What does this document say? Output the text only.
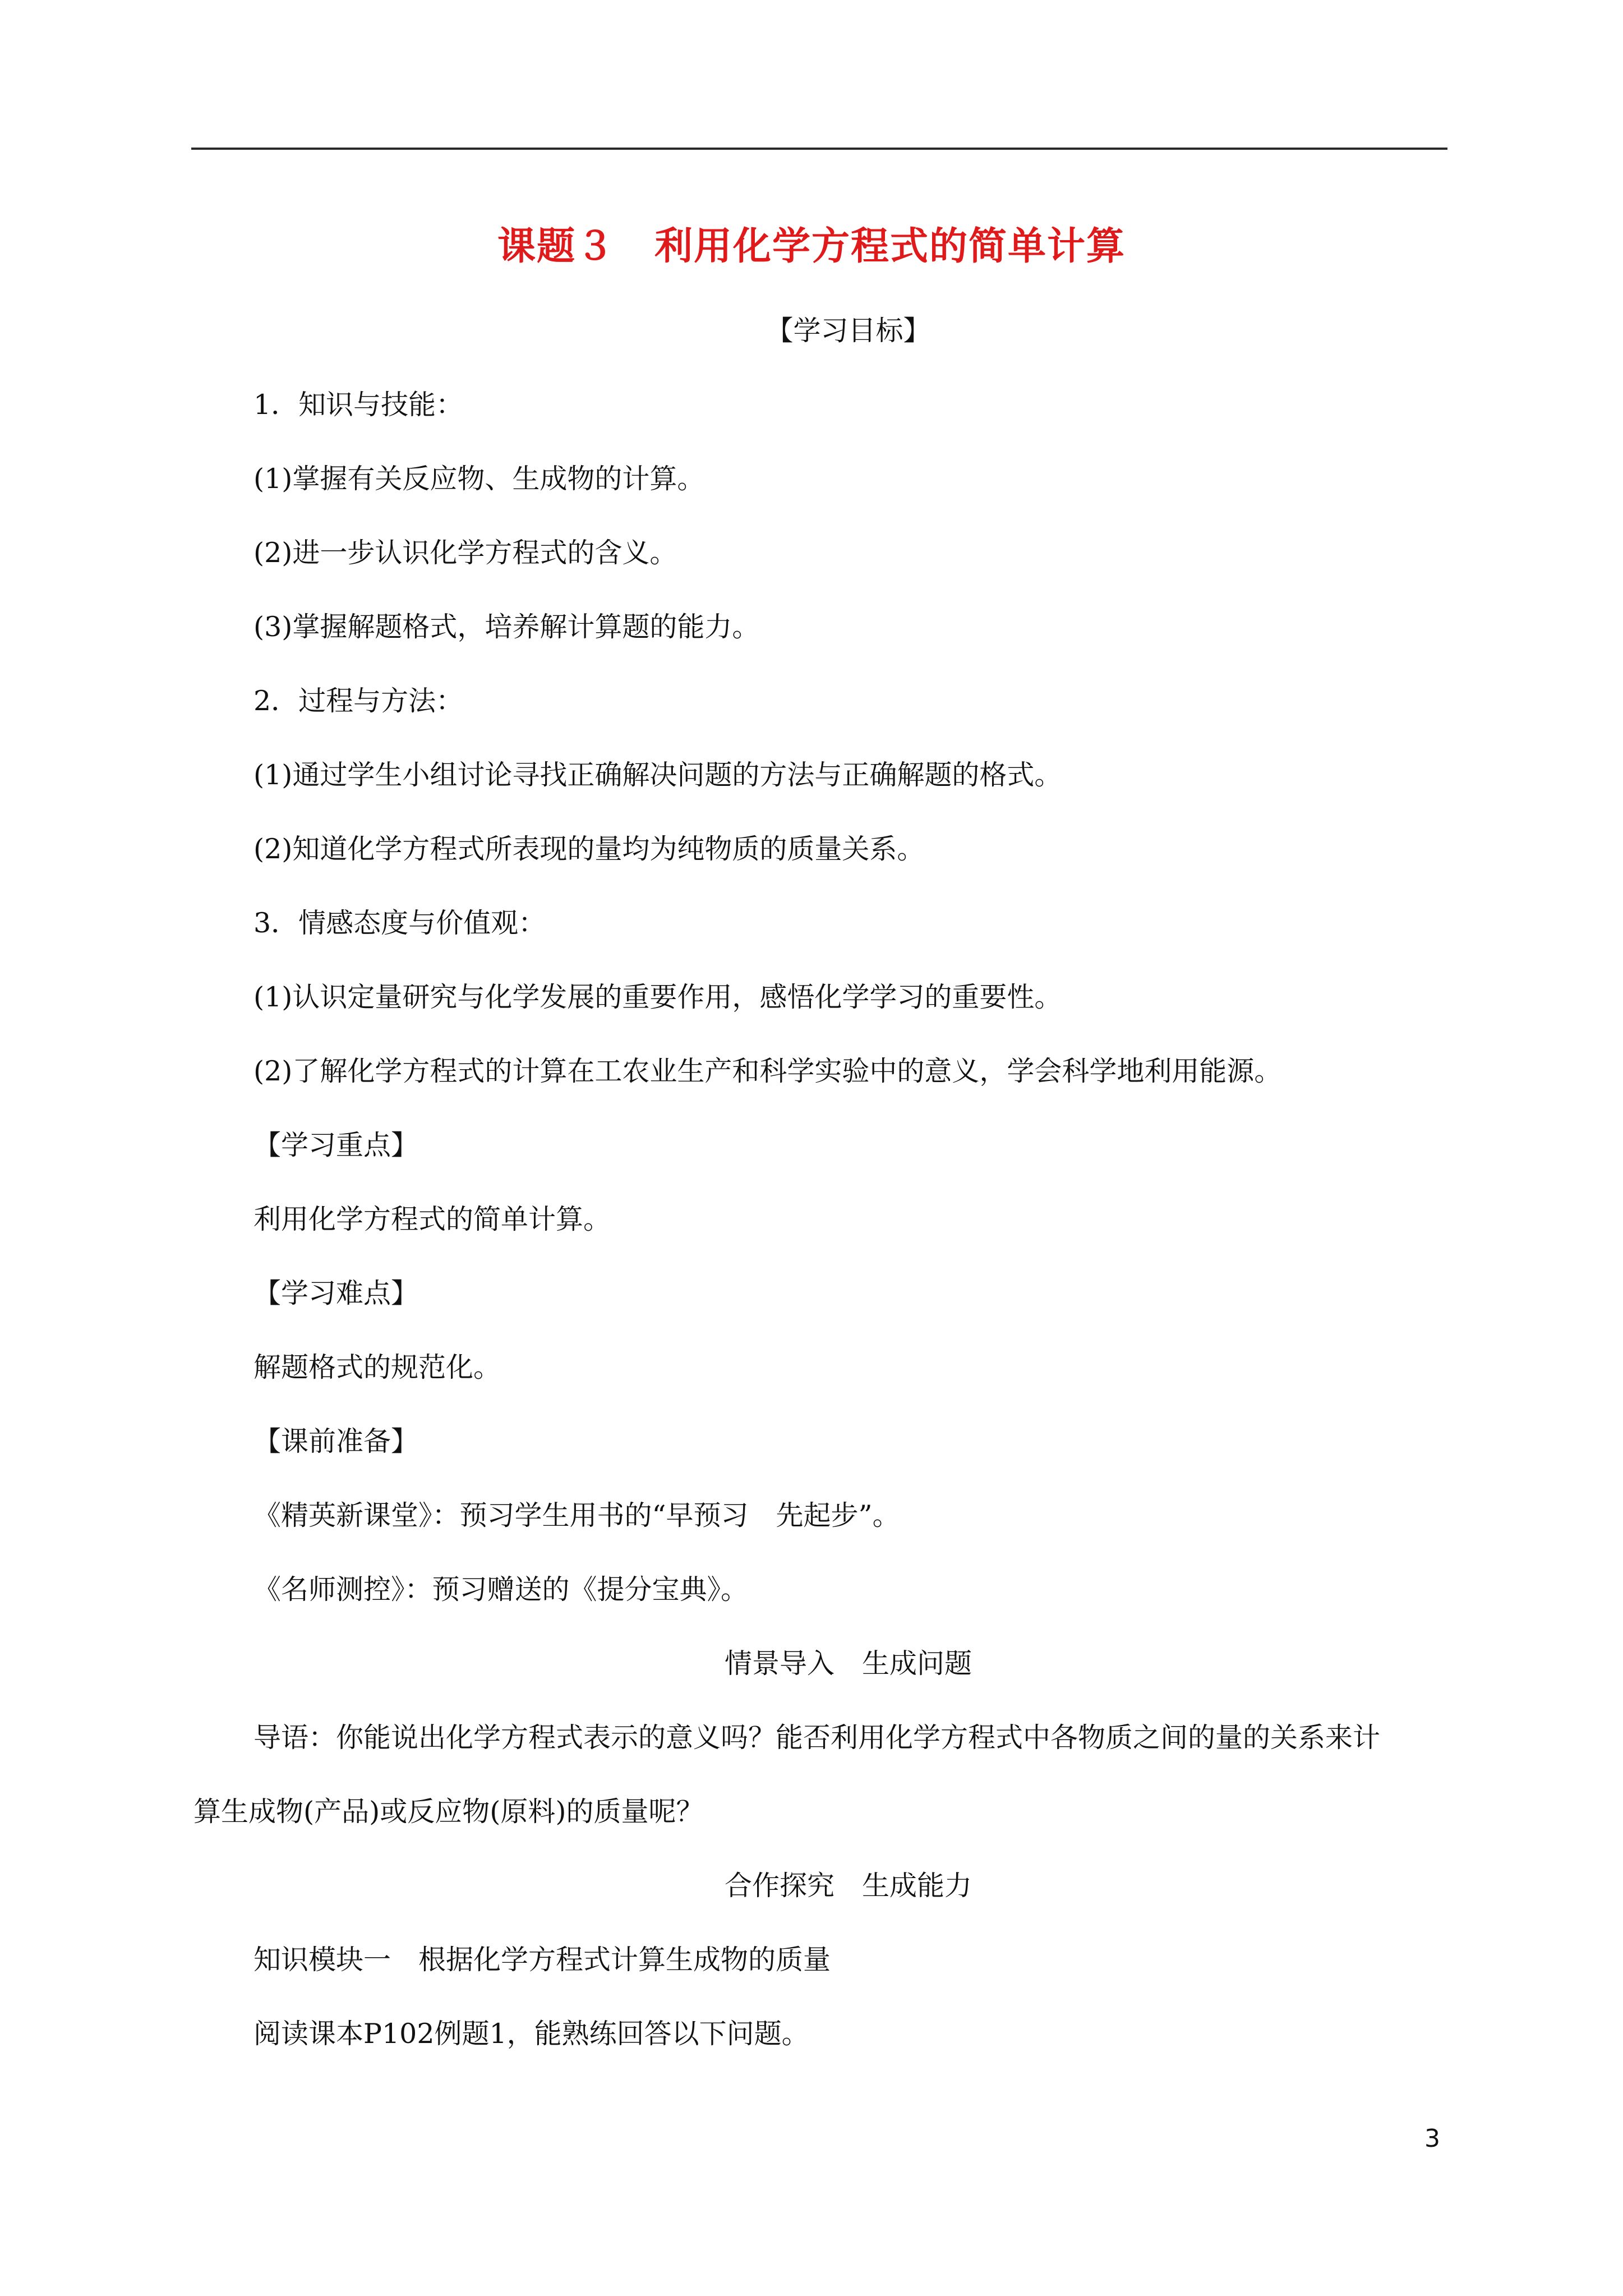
课题３　利用化学方程式的简单计算
【学习目标】
1．知识与技能：
(1)掌握有关反应物、生成物的计算。
(2)进一步认识化学方程式的含义。
(3)掌握解题格式，培养解计算题的能力。
2．过程与方法：
(1)通过学生小组讨论寻找正确解决问题的方法与正确解题的格式。
(2)知道化学方程式所表现的量均为纯物质的质量关系。
3．情感态度与价值观：
(1)认识定量研究与化学发展的重要作用，感悟化学学习的重要性。
(2)了解化学方程式的计算在工农业生产和科学实验中的意义，学会科学地利用能源。
【学习重点】
利用化学方程式的简单计算。
【学习难点】
解题格式的规范化。
【课前准备】
《精英新课堂》：预习学生用书的“早预习　先起步”。
《名师测控》：预习赠送的《提分宝典》。
情景导入　生成问题
导语：你能说出化学方程式表示的意义吗？能否利用化学方程式中各物质之间的量的关系来计
算生成物(产品)或反应物(原料)的质量呢？
合作探究　生成能力
知识模块一　根据化学方程式计算生成物的质量
阅读课本P102例题1，能熟练回答以下问题。
3
